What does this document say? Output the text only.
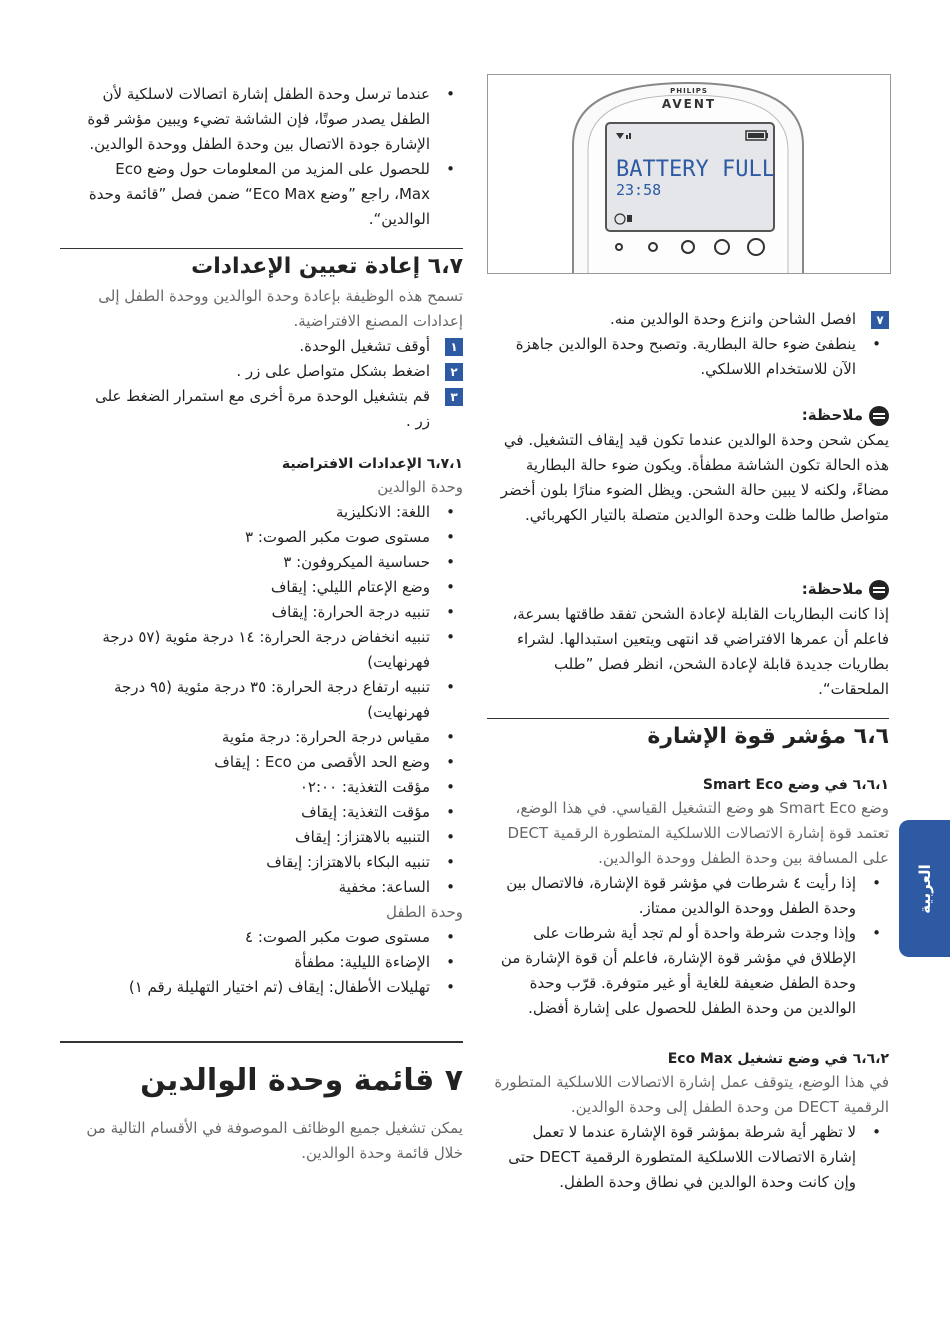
• عندما ترسل وحدة الطفل إشارة اتصالات لاسلكية لأن الطفل يصدر صوتًا، فإن الشاشة تضيء ويبين مؤشر قوة الإشارة جودة الاتصال بين وحدة الطفل ووحدة الوالدين.

• للحصول على المزيد من المعلومات حول وضع Eco Max، راجع ”وضع Eco Max“ ضمن فصل ”قائمة وحدة الوالدين“.

٦،٧ إعادة تعيين الإعدادات

تسمح هذه الوظيفة بإعادة وحدة الوالدين ووحدة الطفل إلى إعدادات المصنع الافتراضية.

١
أوقف تشغيل الوحدة.
٢
اضغط بشكل متواصل على زر .
٣
قم بتشغيل الوحدة مرة أخرى مع استمرار الضغط على زر .
٦،٧،١ الإعدادات الافتراضية

وحدة الوالدين

• اللغة: الانكليزية

• مستوى صوت مكبر الصوت: ٣

• حساسية الميكروفون: ٣

• وضع الإعتام الليلي: إيقاف

• تنبيه درجة الحرارة: إيقاف

• تنبيه انخفاض درجة الحرارة: ١٤ درجة مئوية (٥٧ درجة فهرنهايت)

• تنبيه ارتفاع درجة الحرارة: ٣٥ درجة مئوية (٩٥ درجة فهرنهايت)

• مقياس درجة الحرارة: درجة مئوية

• وضع الحد الأقصى من Eco : إيقاف

• مؤقت التغذية: ٠٢:٠٠

• مؤقت التغذية: إيقاف

• التنبيه بالاهتزاز: إيقاف

• تنبيه البكاء بالاهتزاز: إيقاف

• الساعة: مخفية

وحدة الطفل

• مستوى صوت مكبر الصوت: ٤

• الإضاءة الليلية: مطفأة

• تهليلات الأطفال: إيقاف (تم اختيار التهليلة رقم ١)

٧ قائمة وحدة الوالدين

يمكن تشغيل جميع الوظائف الموصوفة في الأقسام التالية من خلال قائمة وحدة الوالدين.

PHILIPS
AVENT
BATTERY FULL
23:58
٧
افصل الشاحن وانزع وحدة الوالدين منه.

• ينطفئ ضوء حالة البطارية. وتصبح وحدة الوالدين جاهزة الآن للاستخدام اللاسلكي.

ملاحظة:

يمكن شحن وحدة الوالدين عندما تكون قيد إيقاف التشغيل. في هذه الحالة تكون الشاشة مطفأة. ويكون ضوء حالة البطارية مضاءً، ولكنه لا يبين حالة الشحن. ويظل الضوء منارًا بلون أخضر متواصل طالما ظلت وحدة الوالدين متصلة بالتيار الكهربائي.

ملاحظة:

إذا كانت البطاريات القابلة لإعادة الشحن تفقد طاقتها بسرعة، فاعلم أن عمرها الافتراضي قد انتهى ويتعين استبدالها. لشراء بطاريات جديدة قابلة لإعادة الشحن، انظر فصل ”طلب الملحقات“.

٦،٦ مؤشر قوة الإشارة
٦،٦،١ في وضع Smart Eco

وضع Smart Eco هو وضع التشغيل القياسي. في هذا الوضع، تعتمد قوة إشارة الاتصالات اللاسلكية المتطورة الرقمية DECT على المسافة بين وحدة الطفل ووحدة الوالدين.

• إذا رأيت ٤ شرطات في مؤشر قوة الإشارة، فالاتصال بين وحدة الطفل ووحدة الوالدين ممتاز.

• وإذا وجدت شرطة واحدة أو لم تجد أية شرطات على الإطلاق في مؤشر قوة الإشارة، فاعلم أن قوة الإشارة من وحدة الطفل ضعيفة للغاية أو غير متوفرة. قرّب وحدة الوالدين من وحدة الطفل للحصول على إشارة أفضل.

٦،٦،٢ في وضع تشغيل Eco Max

في هذا الوضع، يتوقف عمل إشارة الاتصالات اللاسلكية المتطورة الرقمية DECT من وحدة الطفل إلى وحدة الوالدين.

• لا تظهر أية شرطة بمؤشر قوة الإشارة عندما لا تعمل إشارة الاتصالات اللاسلكية المتطورة الرقمية DECT حتى وإن كانت وحدة الوالدين في نطاق وحدة الطفل.

العربية
